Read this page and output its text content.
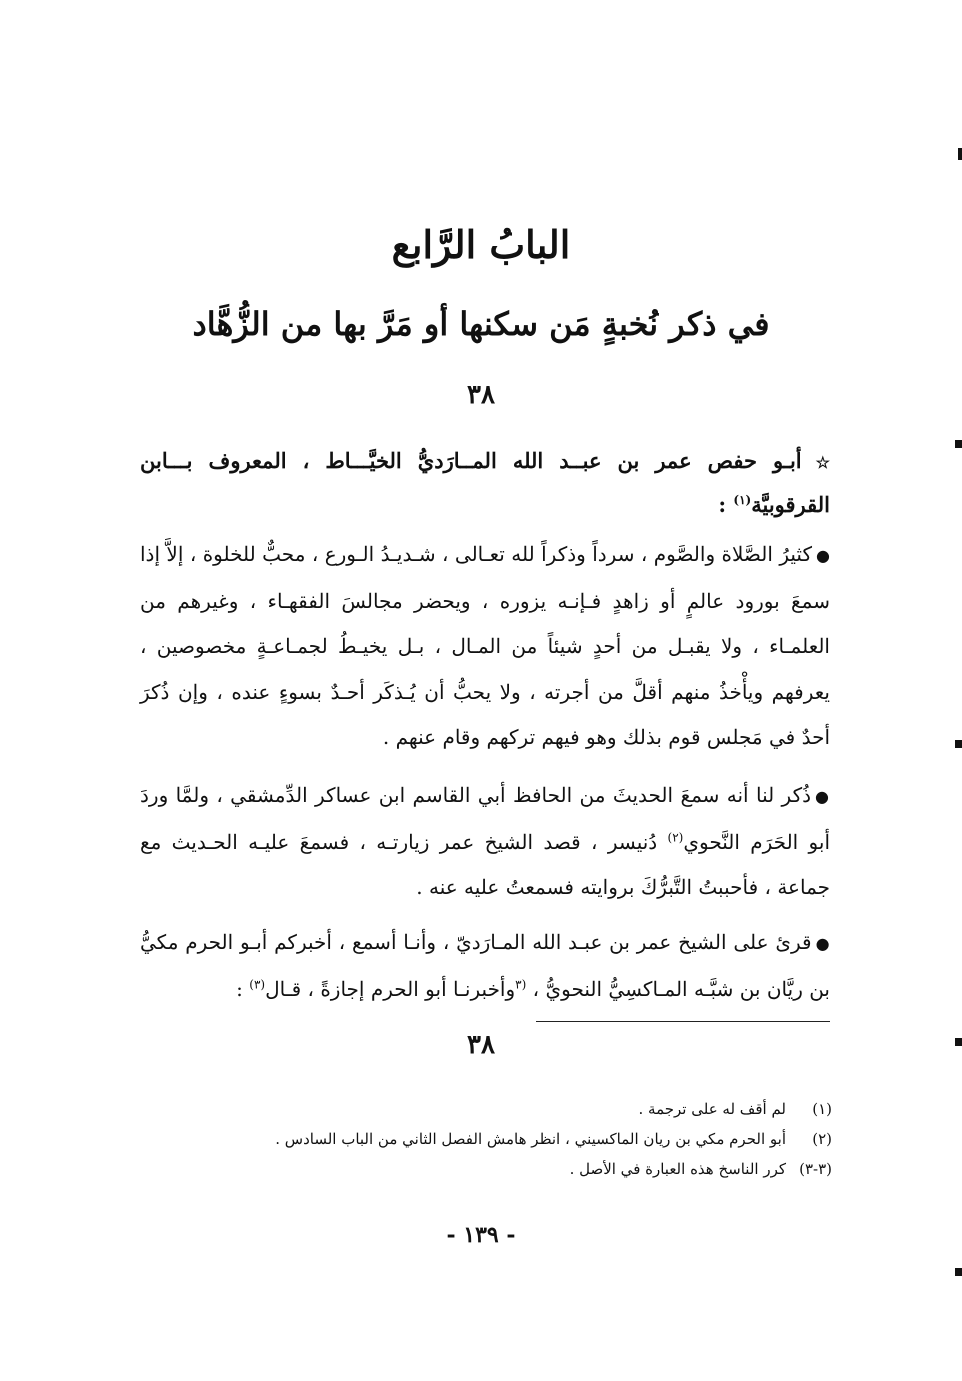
البابُ الرَّابع
في ذكر نُخبةٍ مَن سكنها أو مَرَّ بها من الزُّهَّاد
٣٨
☆أبـو حفص عمر بن عبــد الله المــارَديُّ الخيَّـــاط ، المعروف بـــابن القرقوبيَّة$^{(١)}$ :
●كثيرُ الصَّلاة والصَّوم ، سرداً وذكراً لله تعـالى ، شـديـدُ الـورع ، محبٌّ للخلوة ، إلاَّ إذا سمعَ بورود عالمٍ أو زاهدٍ فـإنـه يزوره ، ويحضر مجالسَ الفقهـاء ، وغيرهم من العلمـاء ، ولا يقبـل من أحدٍ شيئاً من المـال ، بـل يخيـطُ لجمـاعـةٍ مخصوصين ، يعرفهم ويأْخذُ منهم أقلَّ من أجرته ، ولا يحبُّ أن يُـذكَر أحـدٌ بسوءٍ عنده ، وإن ذُكرَ أحدٌ في مَجلس قوم بذلك وهو فيهم تركهم وقام عنهم .
●ذُكر لنا أنه سمعَ الحديثَ من الحافظ أبي القاسم ابن عساكر الدِّمشقي ، ولمَّا وردَ أبو الحَرَم النَّحوي$^{(٢)}$ دُنيسر ، قصد الشيخ عمر زيارتـه ، فسمعَ عليـه الحـديث مع جماعة ، فأحببتُ التَّبرُّكَ بروايته فسمعتُ عليه عنه .
●قرئ على الشيخ عمر بن عبـد الله المـارَديّ ، وأنـا أسمع ، أخبركم أبـو الحرم مكيُّ بن ريَّان بن شبَّـه المـاكسِيُّ النحويُّ ، $^{(٣}$وأخبرنـا أبو الحرم إجازةً ، قـال$^{(٣)}$ :
٣٨
(١)لم أقف له على ترجمة .
(٢)أبو الحرم مكي بن ريان الماكسيني ، انظر هامش الفصل الثاني من الباب السادس .
(٣-٣)كرر الناسخ هذه العبارة في الأصل .
- ١٣٩ -
